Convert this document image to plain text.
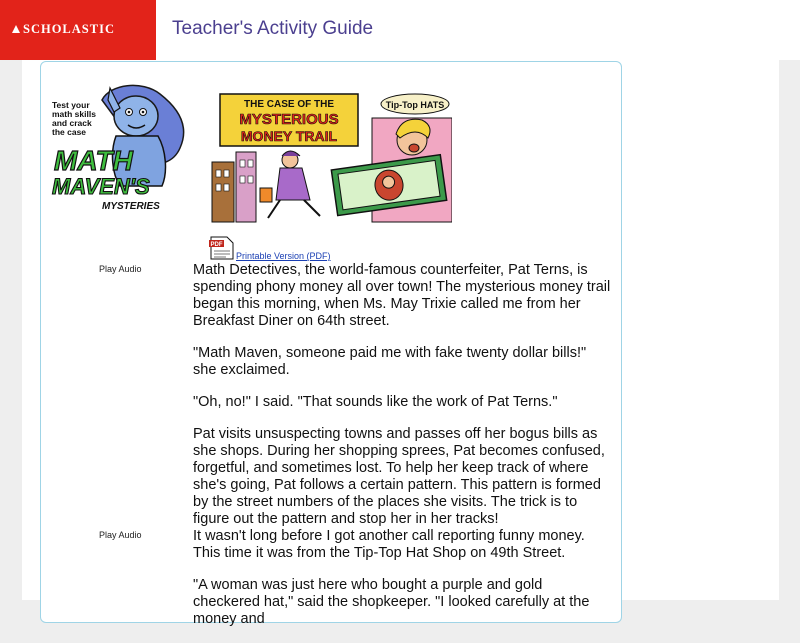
SCHOLASTIC	Teacher's Activity Guide
Test your
math skills
and crack
the case
MATH
MAVEN'S
MYSTERIES
THE CASE OF THE
MYSTERIOUS
MONEY TRAIL
Tip-Top HATS
PDF
Printable Version (PDF)
Play Audio
Play Audio

Math Detectives, the world-famous counterfeiter, Pat Terns, is spending phony money all over town! The mysterious money trail began this morning, when Ms. May Trixie called me from her Breakfast Diner on 64th street.

"Math Maven, someone paid me with fake twenty dollar bills!" she exclaimed.

"Oh, no!" I said. "That sounds like the work of Pat Terns."

Pat visits unsuspecting towns and passes off her bogus bills as she shops. During her shopping sprees, Pat becomes confused, forgetful, and sometimes lost. To help her keep track of where she's going, Pat follows a certain pattern. This pattern is formed by the street numbers of the places she visits. The trick is to figure out the pattern and stop her in her tracks!

It wasn't long before I got another call reporting funny money. This time it was from the Tip-Top Hat Shop on 49th Street.

"A woman was just here who bought a purple and gold checkered hat," said the shopkeeper. "I looked carefully at the money and
